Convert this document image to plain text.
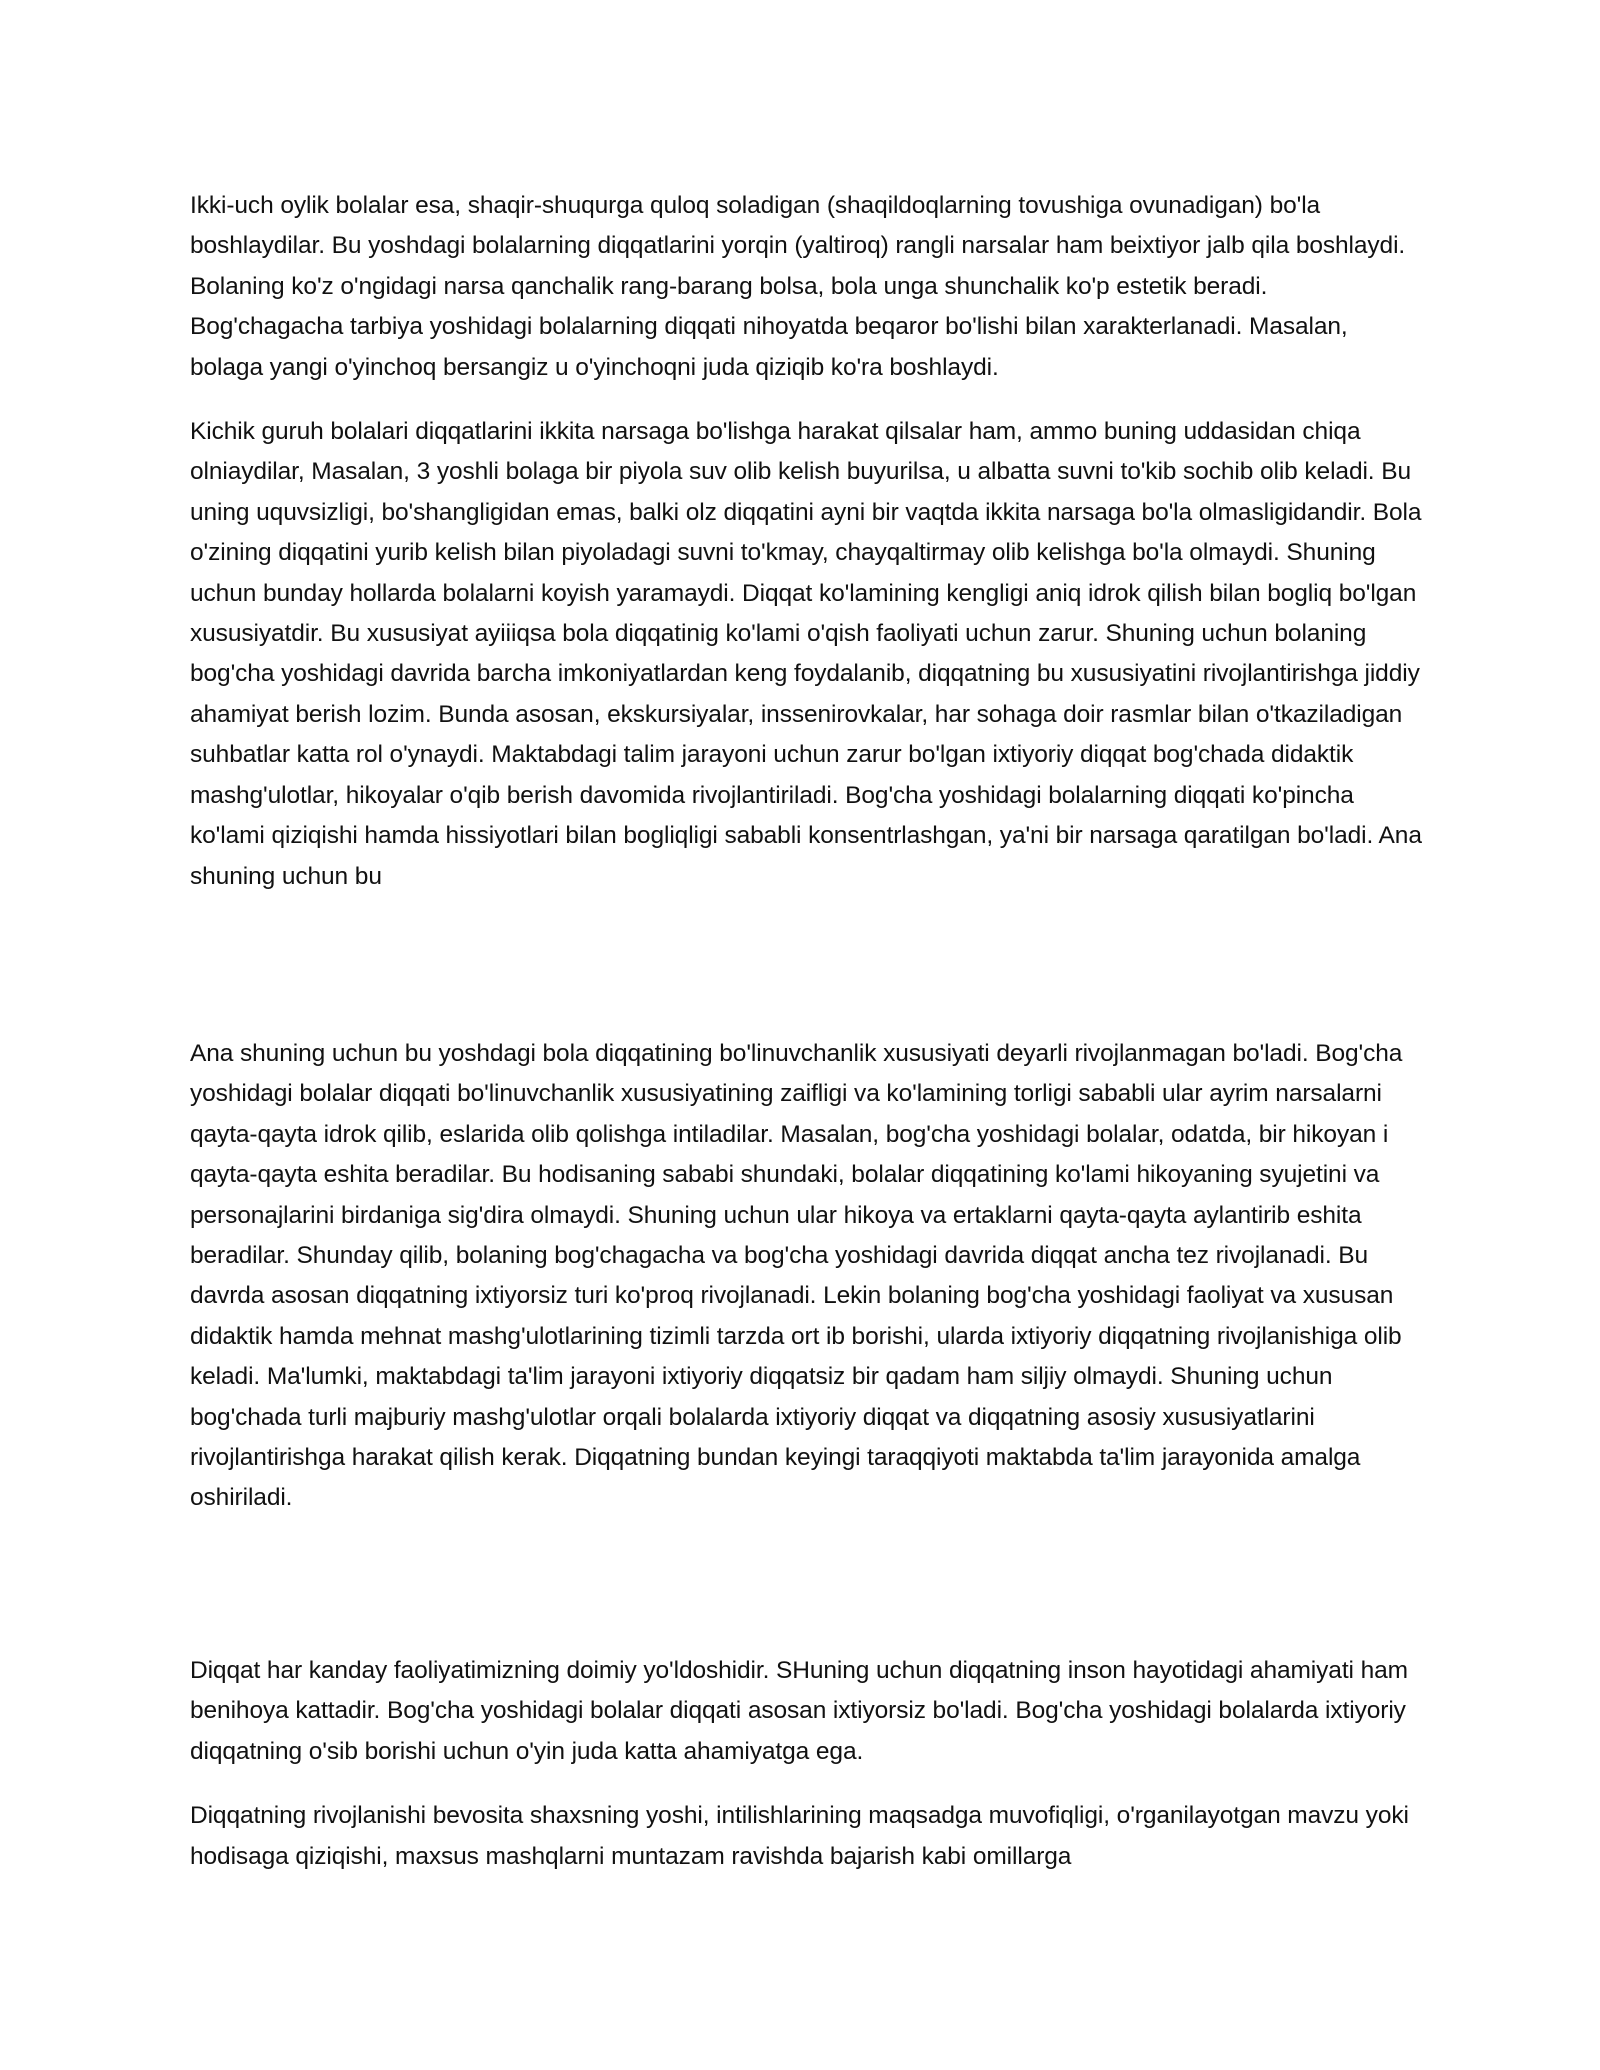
Ikki-uch oylik bolalar esa, shaqir-shuqurga quloq soladigan (shaqildoqlarning tovushiga ovunadigan) bo'la boshlaydilar. Bu yoshdagi bolalarning diqqatlarini yorqin (yaltiroq) rangli narsalar ham beixtiyor jalb qila boshlaydi. Bolaning ko'z o'ngidagi narsa qanchalik rang-barang bolsa, bola unga shunchalik ko'p estetik beradi. Bog'chagacha tarbiya yoshidagi bolalarning diqqati nihoyatda beqaror bo'lishi bilan xarakterlanadi. Masalan, bolaga yangi o'yinchoq bersangiz u o'yinchoqni juda qiziqib ko'ra boshlaydi.

Kichik guruh bolalari diqqatlarini ikkita narsaga bo'lishga harakat qilsalar ham, ammo buning uddasidan chiqa olniaydilar, Masalan, 3 yoshli bolaga bir piyola suv olib kelish buyurilsa, u albatta suvni to'kib sochib olib keladi. Bu uning uquvsizligi, bo'shangligidan emas, balki olz diqqatini ayni bir vaqtda ikkita narsaga bo'la olmasligidandir. Bola o'zining diqqatini yurib kelish bilan piyoladagi suvni to'kmay, chayqaltirmay olib kelishga bo'la olmaydi. Shuning uchun bunday hollarda bolalarni koyish yaramaydi. Diqqat ko'lamining kengligi aniq idrok qilish bilan bogliq bo'lgan xususiyatdir. Bu xususiyat ayiiiqsa bola diqqatinig ko'lami o'qish faoliyati uchun zarur. Shuning uchun bolaning bog'cha yoshidagi davrida barcha imkoniyatlardan keng foydalanib, diqqatning bu xususiyatini rivojlantirishga jiddiy ahamiyat berish lozim. Bunda asosan, ekskursiyalar, inssenirovkalar, har sohaga doir rasmlar bilan o'tkaziladigan suhbatlar katta rol o'ynaydi. Maktabdagi talim jarayoni uchun zarur bo'lgan ixtiyoriy diqqat bog'chada didaktik mashg'ulotlar, hikoyalar o'qib berish davomida rivojlantiriladi. Bog'cha yoshidagi bolalarning diqqati ko'pincha ko'lami qiziqishi hamda hissiyotlari bilan bogliqligi sababli konsentrlashgan, ya'ni bir narsaga qaratilgan bo'ladi. Ana shuning uchun bu

Ana shuning uchun bu yoshdagi bola diqqatining bo'linuvchanlik xususiyati deyarli rivojlanmagan bo'ladi. Bog'cha yoshidagi bolalar diqqati bo'linuvchanlik xususiyatining zaifligi va ko'lamining torligi sababli ular ayrim narsalarni qayta-qayta idrok qilib, eslarida olib qolishga intiladilar. Masalan, bog'cha yoshidagi bolalar, odatda, bir hikoyan i qayta-qayta eshita beradilar. Bu hodisaning sababi shundaki, bolalar diqqatining ko'lami hikoyaning syujetini va personajlarini birdaniga sig'dira olmaydi. Shuning uchun ular hikoya va ertaklarni qayta-qayta aylantirib eshita beradilar. Shunday qilib, bolaning bog'chagacha va bog'cha yoshidagi davrida diqqat ancha tez rivojlanadi. Bu davrda asosan diqqatning ixtiyorsiz turi ko'proq rivojlanadi. Lekin bolaning bog'cha yoshidagi faoliyat va xususan didaktik hamda mehnat mashg'ulotlarining tizimli tarzda ort ib borishi, ularda ixtiyoriy diqqatning rivojlanishiga olib keladi. Ma'lumki, maktabdagi ta'lim jarayoni ixtiyoriy diqqatsiz bir qadam ham siljiy olmaydi. Shuning uchun bog'chada turli majburiy mashg'ulotlar orqali bolalarda ixtiyoriy diqqat va diqqatning asosiy xususiyatlarini rivojlantirishga harakat qilish kerak. Diqqatning bundan keyingi taraqqiyoti maktabda ta'lim jarayonida amalga oshiriladi.

Diqqat har kanday faoliyatimizning doimiy yo'ldoshidir. SHuning uchun diqqatning inson hayotidagi ahamiyati ham benihoya kattadir. Bog'cha yoshidagi bolalar diqqati asosan ixtiyorsiz bo'ladi. Bog'cha yoshidagi bolalarda ixtiyoriy diqqatning o'sib borishi uchun o'yin juda katta ahamiyatga ega.

Diqqatning rivojlanishi bevosita shaxsning yoshi, intilishlarining maqsadga muvofiqligi, o'rganilayotgan mavzu yoki hodisaga qiziqishi, maxsus mashqlarni muntazam ravishda bajarish kabi omillarga
